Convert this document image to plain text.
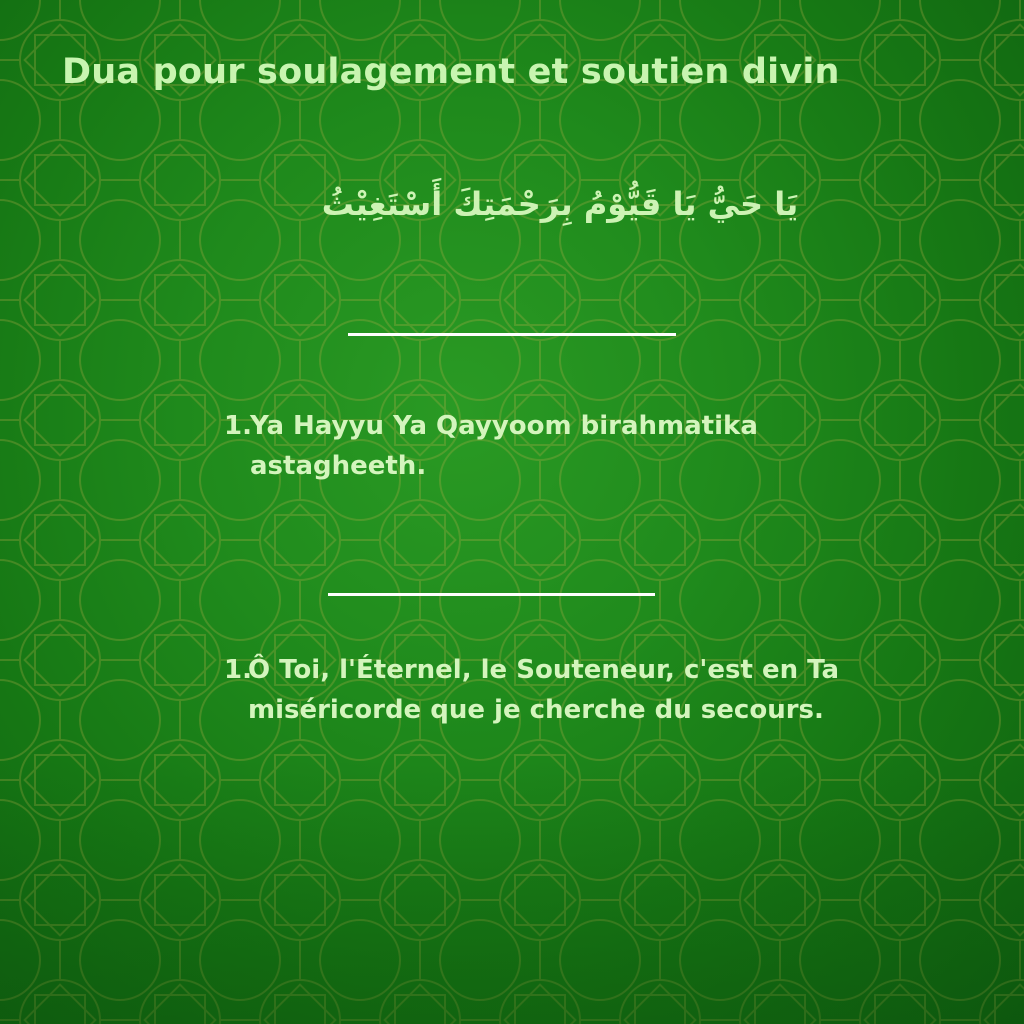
Dua pour soulagement et soutien divin
يَا حَيُّ يَا قَيُّوْمُ بِرَحْمَتِكَ أَسْتَغِيْثُ
1.
Ya Hayyu Ya Qayyoom birahmatika astagheeth.
1.
Ô Toi, l'Éternel, le Souteneur, c'est en Ta miséricorde que je cherche du secours.
